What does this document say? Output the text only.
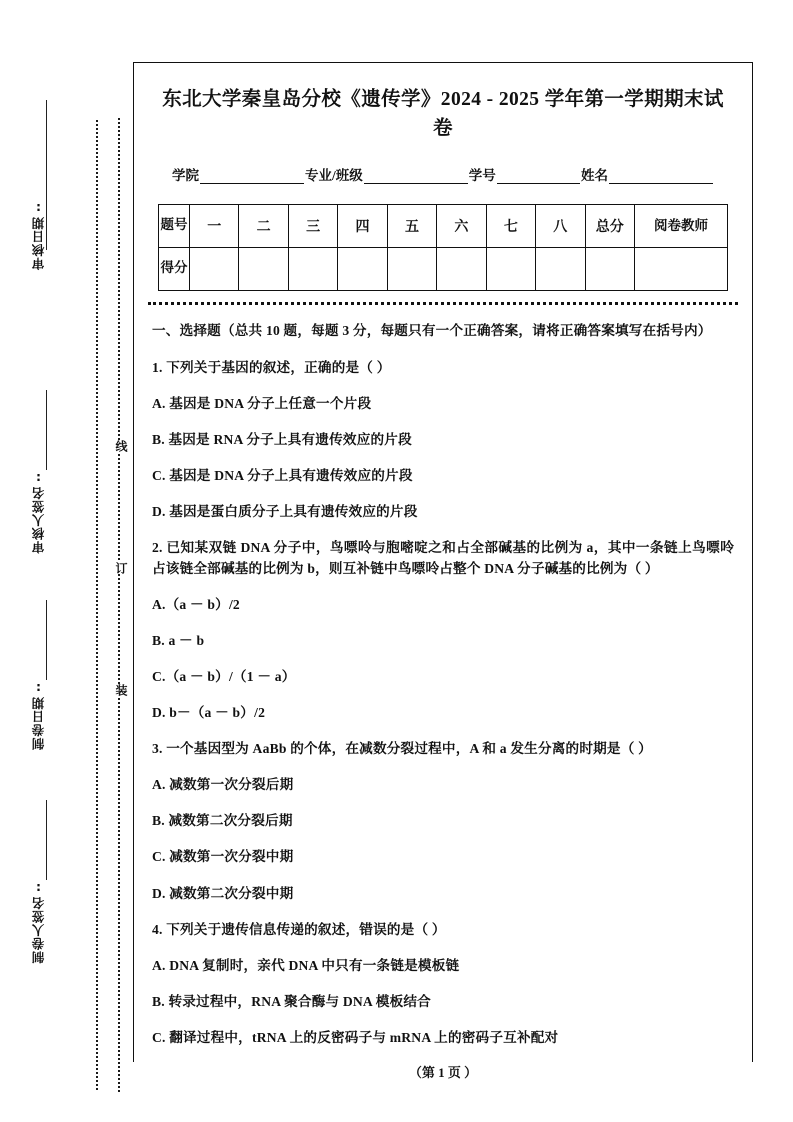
审核日期:
审核人签名:
制卷日期:
制卷人签名:
线
订
装
东北大学秦皇岛分校《遗传学》2024 - 2025 学年第一学期期末试卷
学院	专业/班级	学号	姓名
题号	一	二	三	四	五	六	七	八	总分	阅卷教师

得分										

一、选择题（总共 10 题，每题 3 分，每题只有一个正确答案，请将正确答案填写在括号内）
1. 下列关于基因的叙述，正确的是（ ）
A. 基因是 DNA 分子上任意一个片段
B. 基因是 RNA 分子上具有遗传效应的片段
C. 基因是 DNA 分子上具有遗传效应的片段
D. 基因是蛋白质分子上具有遗传效应的片段
2. 已知某双链 DNA 分子中，鸟嘌呤与胞嘧啶之和占全部碱基的比例为 a，其中一条链上鸟嘌呤占该链全部碱基的比例为 b，则互补链中鸟嘌呤占整个 DNA 分子碱基的比例为（ ）
A.（a － b）/2
B. a － b
C.（a － b）/（1 － a）
D. b－（a － b）/2
3. 一个基因型为 AaBb 的个体，在减数分裂过程中，A 和 a 发生分离的时期是（ ）
A. 减数第一次分裂后期
B. 减数第二次分裂后期
C. 减数第一次分裂中期
D. 减数第二次分裂中期
4. 下列关于遗传信息传递的叙述，错误的是（ ）
A. DNA 复制时，亲代 DNA 中只有一条链是模板链
B. 转录过程中，RNA 聚合酶与 DNA 模板结合
C. 翻译过程中，tRNA 上的反密码子与 mRNA 上的密码子互补配对
（第 1 页 ）
